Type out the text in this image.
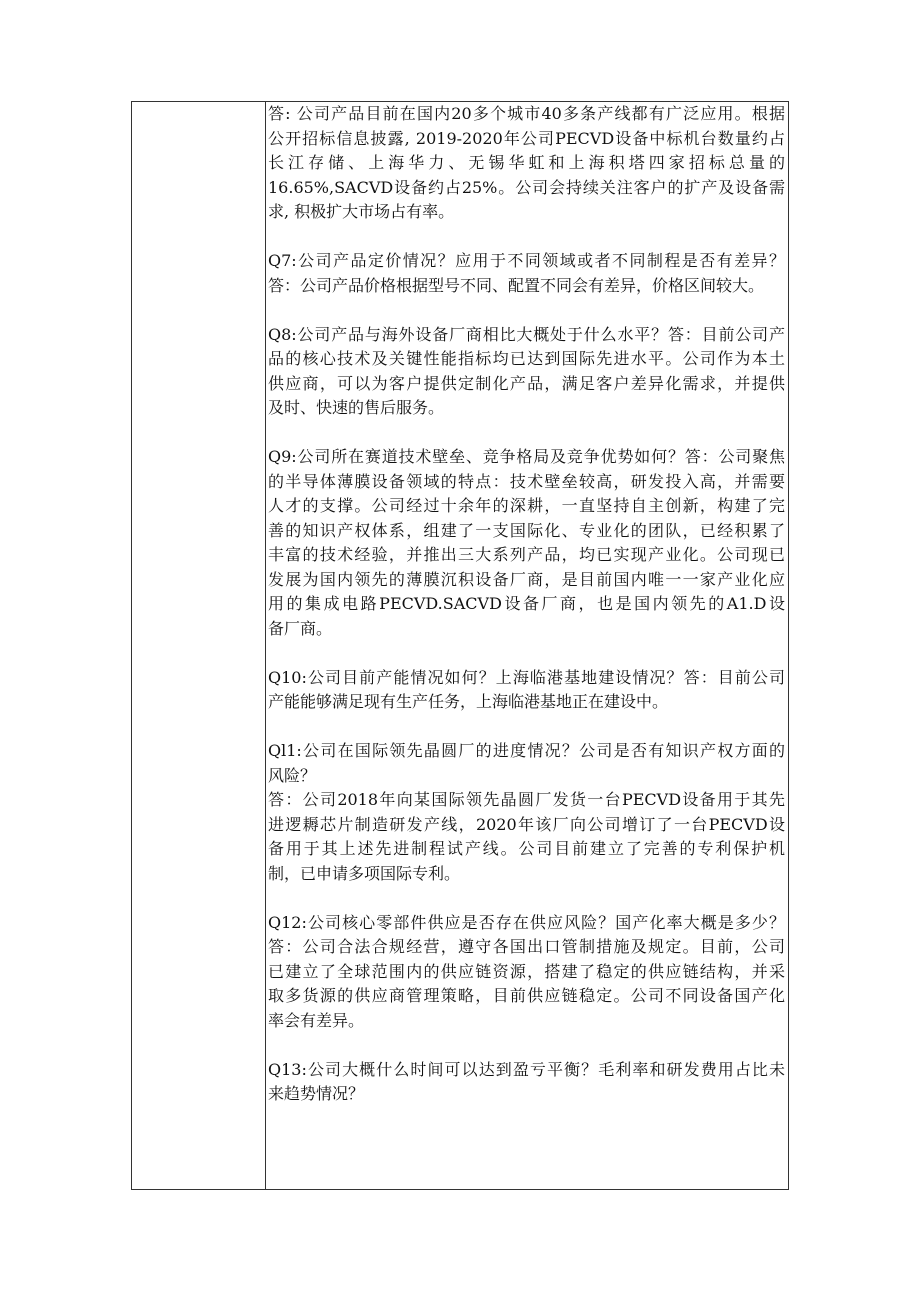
答: 公司产品目前在国内20多个城市40多条产线都有广泛应用。根据
公开招标信息披露, 2019-2020年公司PECVD设备中标机台数量约占
长江存储、上海华力、无锡华虹和上海积塔四家招标总量的
16.65%,SACVD设备约占25%。公司会持续关注客户的扩产及设备需
求, 积极扩大市场占有率。
Q7:公司产品定价情况？应用于不同领域或者不同制程是否有差异？
答：公司产品价格根据型号不同、配置不同会有差异，价格区间较大。
Q8:公司产品与海外设备厂商相比大概处于什么水平？答：目前公司产
品的核心技术及关键性能指标均已达到国际先进水平。公司作为本土
供应商，可以为客户提供定制化产品，满足客户差异化需求，并提供
及时、快速的售后服务。
Q9:公司所在赛道技术壁垒、竞争格局及竞争优势如何？答：公司聚焦
的半导体薄膜设备领域的特点：技术壁垒较高，研发投入高，并需要
人才的支撑。公司经过十余年的深耕，一直坚持自主创新，构建了完
善的知识产权体系，组建了一支国际化、专业化的团队，已经积累了
丰富的技术经验，并推出三大系列产品，均已实现产业化。公司现已
发展为国内领先的薄膜沉积设备厂商，是目前国内唯一一家产业化应
用的集成电路PECVD.SACVD设备厂商，也是国内领先的A1.D设
备厂商。
Q10:公司目前产能情况如何？上海临港基地建设情况？答：目前公司
产能能够满足现有生产任务，上海临港基地正在建设中。
Ql1:公司在国际领先晶圆厂的进度情况？公司是否有知识产权方面的
风险？
答：公司2018年向某国际领先晶圆厂发货一台PECVD设备用于其先
进逻耨芯片制造研发产线，2020年该厂向公司增订了一台PECVD设
备用于其上述先进制程试产线。公司目前建立了完善的专利保护机
制，已申请多项国际专利。
Q12:公司核心零部件供应是否存在供应风险？国产化率大概是多少？
答：公司合法合规经营，遵守各国出口管制措施及规定。目前，公司
已建立了全球范围内的供应链资源，搭建了稳定的供应链结构，并采
取多货源的供应商管理策略，目前供应链稳定。公司不同设备国产化
率会有差异。
Q13:公司大概什么时间可以达到盈亏平衡？毛利率和研发费用占比未
来趋势情况？
